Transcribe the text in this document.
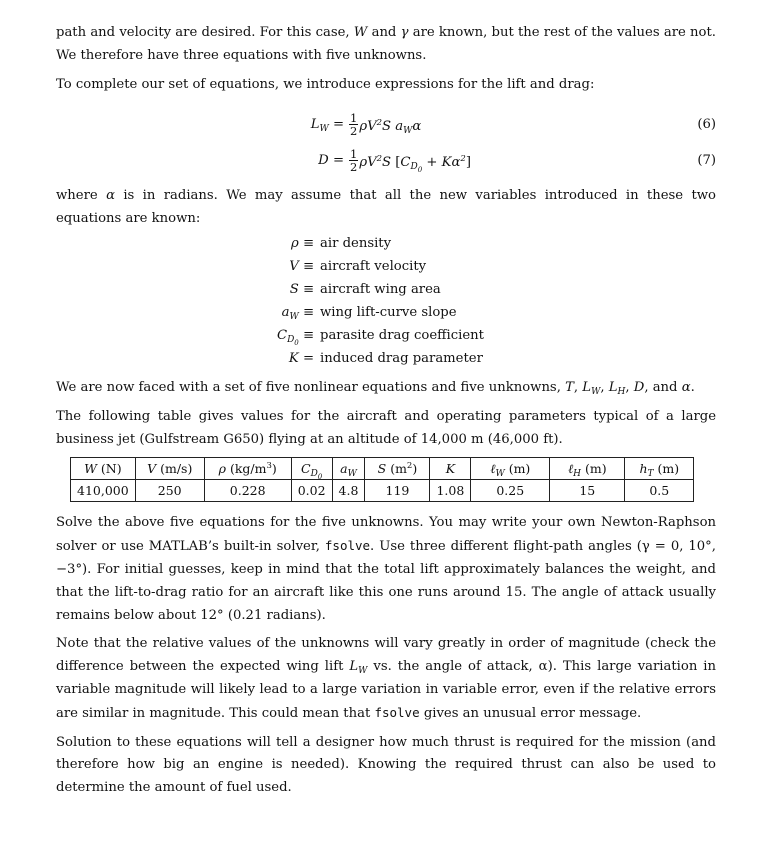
path and velocity are desired. For this case, W and γ are known, but the rest of the values are not. We therefore have three equations with five unknowns.

To complete our set of equations, we introduce expressions for the lift and drag:

$L_W = \frac{1}{2} \rho V^2S$ $a_W\alpha$	(6)
$D = \frac{1}{2} \rho V^2S$ $[C_{D_0} + K\alpha^2]$	(7)

where α is in radians. We may assume that all the new variables introduced in these two equations are known:

ρ ≡ air density
V ≡ aircraft velocity
S ≡ aircraft wing area
$a_W$ ≡ wing lift-curve slope
$C_{D_0}$ ≡ parasite drag coefficient
K = induced drag parameter

We are now faced with a set of five nonlinear equations and five unknowns, T, $L_W$, $L_H$, D, and α.

The following table gives values for the aircraft and operating parameters typical of a large business jet (Gulfstream G650) flying at an altitude of 14,000 m (46,000 ft).

W (N)	V (m/s)	ρ $(kg/m^3)$	$C_{D_0}$	$a_W$	S $(m^2)$	K	ℓ$_W$ (m)	ℓ$_H$ (m)	$h_T$ (m)
410,000	250	0.228	0.02	4.8	119	1.08	0.25	15	0.5

Solve the above five equations for the five unknowns. You may write your own Newton-Raphson solver or use MATLAB’s built-in solver, fsolve. Use three different flight-path angles (γ = 0, 10°, −3°). For initial guesses, keep in mind that the total lift approximately balances the weight, and that the lift-to-drag ratio for an aircraft like this one runs around 15. The angle of attack usually remains below about 12° (0.21 radians).

Note that the relative values of the unknowns will vary greatly in order of magnitude (check the difference between the expected wing lift $L_W$ vs. the angle of attack, α). This large variation in variable magnitude will likely lead to a large variation in variable error, even if the relative errors are similar in magnitude. This could mean that fsolve gives an unusual error message.

Solution to these equations will tell a designer how much thrust is required for the mission (and therefore how big an engine is needed). Knowing the required thrust can also be used to determine the amount of fuel used.
